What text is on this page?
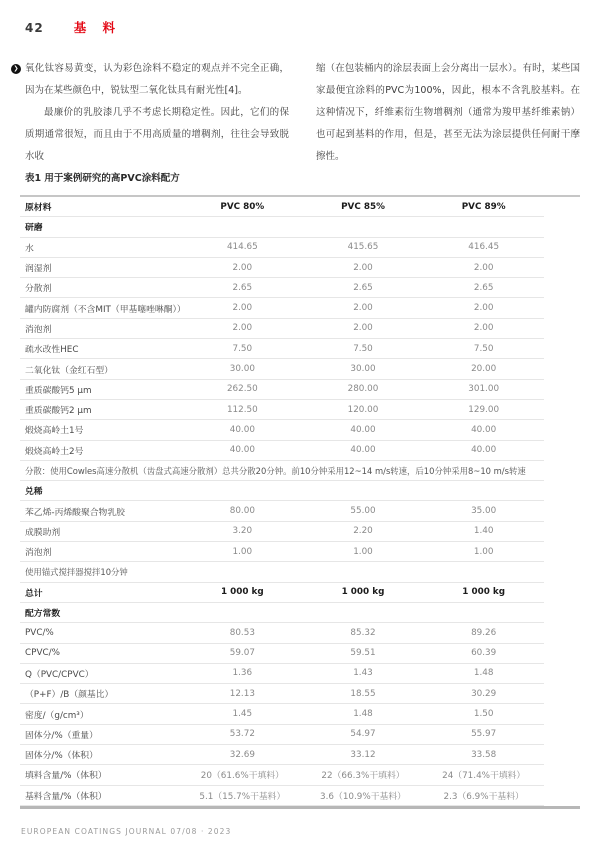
42 基 料
❯ 氧化钛容易黄变，认为彩色涂料不稳定的观点并不完全正确，因为在某些颜色中，锐钛型二氧化钛具有耐光性[4]。

最廉价的乳胶漆几乎不考虑长期稳定性。因此，它们的保质期通常很短，而且由于不用高质量的增稠剂，往往会导致脱水收

缩（在包装桶内的涂层表面上会分离出一层水）。有时，某些国家最便宜涂料的PVC为100%，因此，根本不含乳胶基料。在这种情况下，纤维素衍生物增稠剂（通常为羧甲基纤维素钠）也可起到基料的作用，但是，甚至无法为涂层提供任何耐干摩擦性。

表1 用于案例研究的高PVC涂料配方
原材料	PVC 80%	PVC 85%	PVC 89%
研磨
水	414.65	415.65	416.45
润湿剂	2.00	2.00	2.00
分散剂	2.65	2.65	2.65
罐内防腐剂（不含MIT（甲基噻唑啉酮））	2.00	2.00	2.00
消泡剂	2.00	2.00	2.00
疏水改性HEC	7.50	7.50	7.50
二氧化钛（金红石型）	30.00	30.00	20.00
重质碳酸钙5 μm	262.50	280.00	301.00
重质碳酸钙2 μm	112.50	120.00	129.00
煅烧高岭土1号	40.00	40.00	40.00
煅烧高岭土2号	40.00	40.00	40.00
分散：使用Cowles高速分散机（齿盘式高速分散剂）总共分散20分钟。前10分钟采用12~14 m/s转速，后10分钟采用8~10 m/s转速
兑稀
苯乙烯-丙烯酸聚合物乳胶	80.00	55.00	35.00
成膜助剂	3.20	2.20	1.40
消泡剂	1.00	1.00	1.00
使用锚式搅拌器搅拌10分钟
总计	1 000 kg	1 000 kg	1 000 kg
配方常数
PVC/%	80.53	85.32	89.26
CPVC/%	59.07	59.51	60.39
Q（PVC/CPVC）	1.36	1.43	1.48
（P+F）/B（颜基比）	12.13	18.55	30.29
密度/（g/cm³）	1.45	1.48	1.50
固体分/%（重量）	53.72	54.97	55.97
固体分/%（体积）	32.69	33.12	33.58
填料含量/%（体积）	20（61.6%干填料）	22（66.3%干填料）	24（71.4%干填料）
基料含量/%（体积）	5.1（15.7%干基料）	3.6（10.9%干基料）	2.3（6.9%干基料）
EUROPEAN COATINGS JOURNAL 07/08 · 2023
